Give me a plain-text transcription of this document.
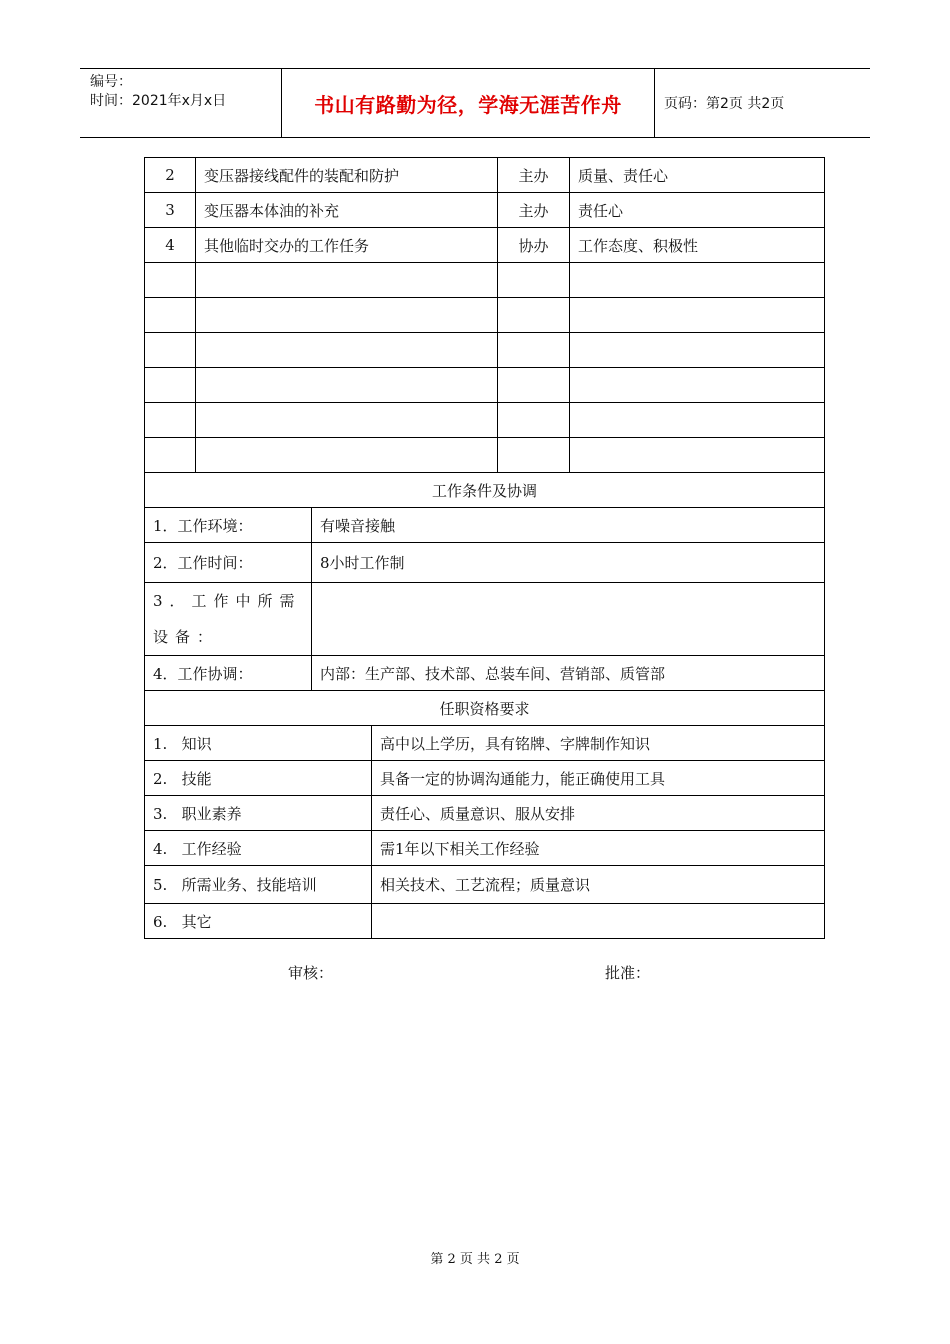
编号：
时间：2021年x月x日	书山有路勤为径，学海无涯苦作舟	页码：第2页 共2页
2	变压器接线配件的装配和防护	主办	质量、责任心
3	变压器本体油的补充	主办	责任心
4	其他临时交办的工作任务	协办	工作态度、积极性

工作条件及协调	
1．工作环境：	有噪音接触
2．工作时间：	8小时工作制

3．工作中所需设备：	

4．工作协调：	内部：生产部、技术部、总装车间、营销部、质管部
任职资格要求	
1.   知识	高中以上学历，具有铭牌、字牌制作知识
2.   技能	具备一定的协调沟通能力，能正确使用工具
3.   职业素养	责任心、质量意识、服从安排
4.   工作经验	需1年以下相关工作经验
5.   所需业务、技能培训	相关技术、工艺流程；质量意识
6.   其它	
审核：	批准：
第 2 页 共 2 页
